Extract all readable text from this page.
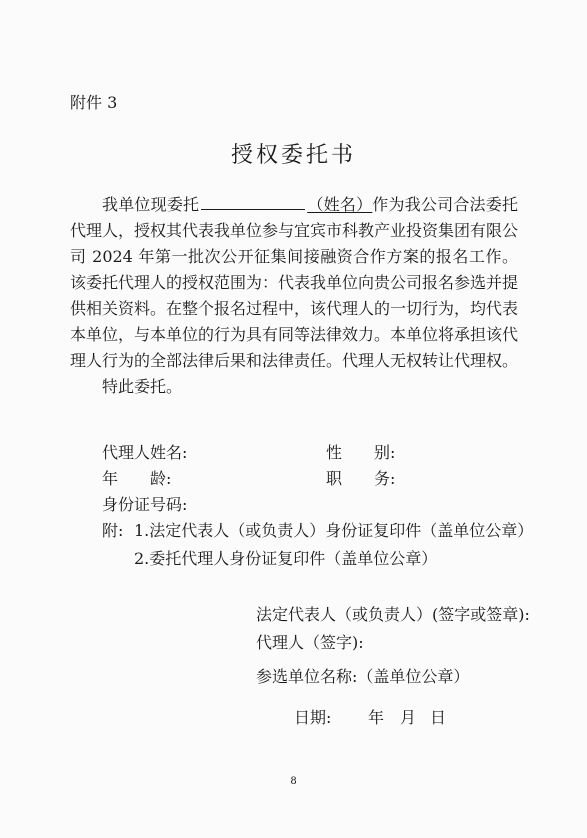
附件 3
授权委托书

我单位现委托	（姓名）作为我公司合法委托代理人，授权其代表我单位参与宜宾市科教产业投资集团有限公司 2024 年第一批次公开征集间接融资合作方案的报名工作。该委托代理人的授权范围为：代表我单位向贵公司报名参选并提供相关资料。在整个报名过程中，该代理人的一切行为，均代表本单位，与本单位的行为具有同等法律效力。本单位将承担该代理人行为的全部法律后果和法律责任。代理人无权转让代理权。

特此委托。

代理人姓名:	性　　别:
年　　龄:	职　　务:
身份证号码:
附: 1.法定代表人（或负责人）身份证复印件（盖单位公章）
2.委托代理人身份证复印件（盖单位公章）
法定代表人（或负责人）(签字或签章):
代理人（签字):
参选单位名称:（盖单位公章）
日期: 年 月 日
8
